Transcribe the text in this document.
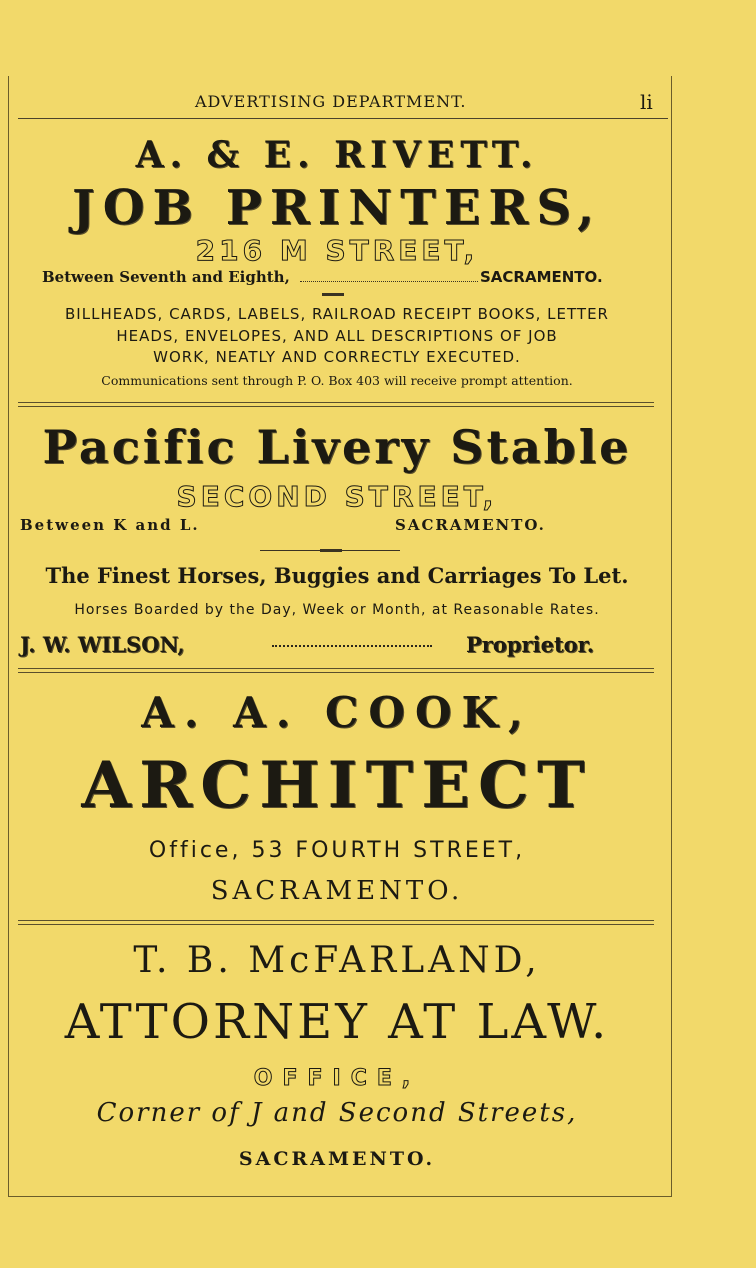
ADVERTISING DEPARTMENT.	li
A. & E. RIVETT.
JOB PRINTERS,
216 M STREET,
Between Seventh and Eighth,	SACRAMENTO.
BILLHEADS, CARDS, LABELS, RAILROAD RECEIPT BOOKS, LETTER
HEADS, ENVELOPES, AND ALL DESCRIPTIONS OF JOB
WORK, NEATLY AND CORRECTLY EXECUTED.
Communications sent through P. O. Box 403 will receive prompt attention.
Pacific Livery Stable
SECOND STREET,
Between K and L.	SACRAMENTO.
The Finest Horses, Buggies and Carriages To Let.
Horses Boarded by the Day, Week or Month, at Reasonable Rates.
J. W. WILSON,	Proprietor.
A. A. COOK,
ARCHITECT
Office, 53 FOURTH STREET,
SACRAMENTO.
T. B. McFARLAND,
ATTORNEY AT LAW.
OFFICE,
Corner of J and Second Streets,
SACRAMENTO.
